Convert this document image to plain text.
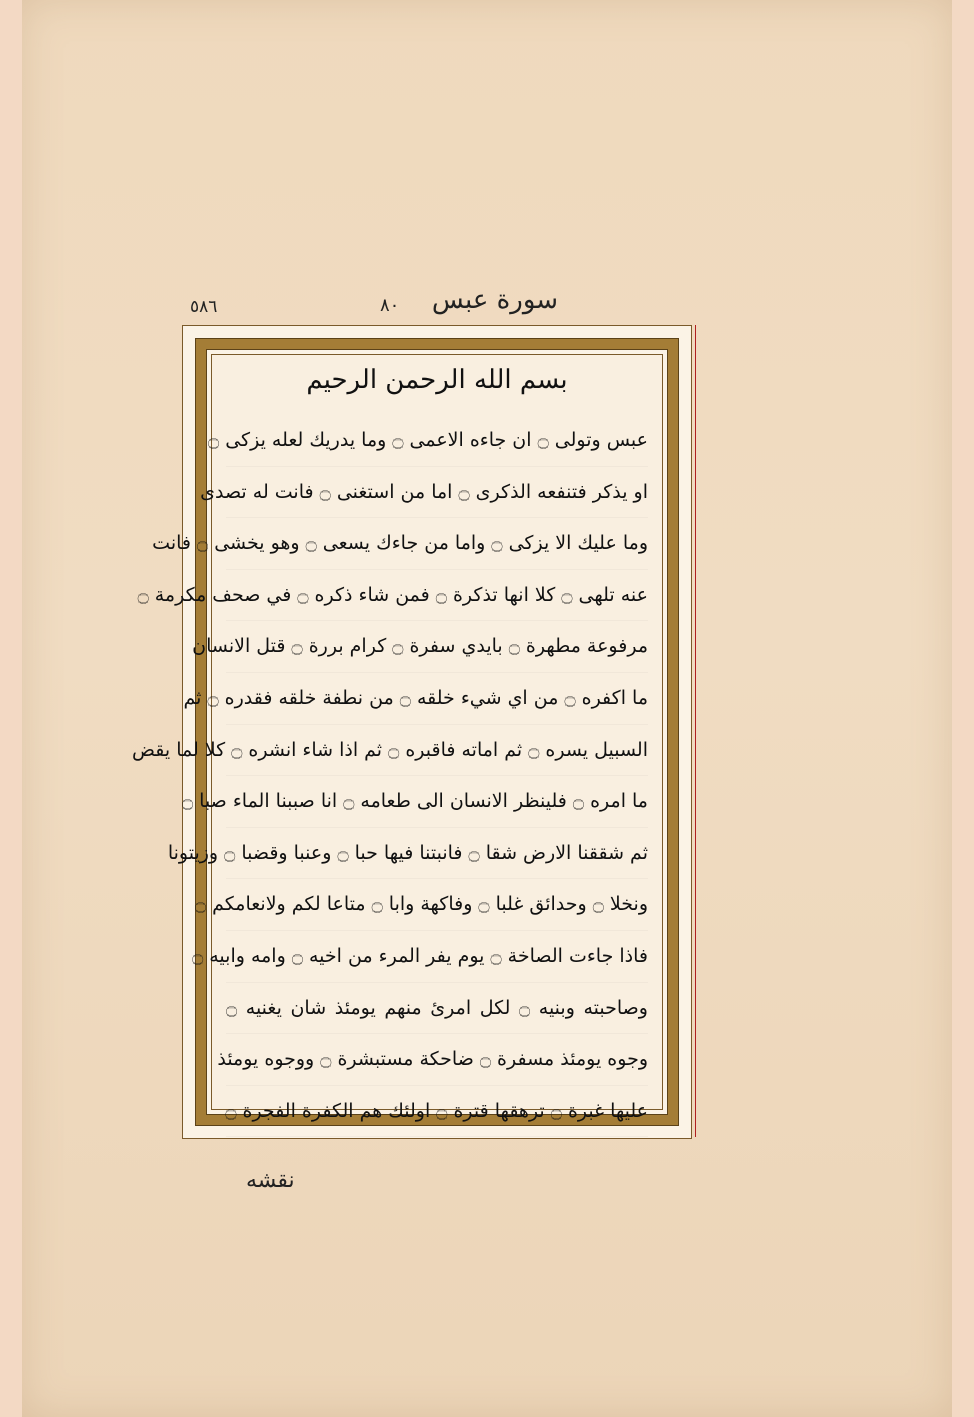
٥٨٦	٨٠	سورة عبس
بسم الله الرحمن الرحيم
عبس وتولى ۝ ان جاءه الاعمى ۝ وما يدريك لعله يزكى ۝
او يذكر فتنفعه الذكرى ۝ اما من استغنى ۝ فانت له تصدى
وما عليك الا يزكى ۝ واما من جاءك يسعى ۝ وهو يخشى ۝ فانت
عنه تلهى ۝ كلا انها تذكرة ۝ فمن شاء ذكره ۝ في صحف مكرمة ۝
مرفوعة مطهرة ۝ بايدي سفرة ۝ كرام بررة ۝ قتل الانسان
ما اكفره ۝ من اي شيء خلقه ۝ من نطفة خلقه فقدره ۝ ثم
السبيل يسره ۝ ثم اماته فاقبره ۝ ثم اذا شاء انشره ۝ كلا لما يقض
ما امره ۝ فلينظر الانسان الى طعامه ۝ انا صببنا الماء صبا ۝
ثم شققنا الارض شقا ۝ فانبتنا فيها حبا ۝ وعنبا وقضبا ۝ وزيتونا
ونخلا ۝ وحدائق غلبا ۝ وفاكهة وابا ۝ متاعا لكم ولانعامكم ۝
فاذا جاءت الصاخة ۝ يوم يفر المرء من اخيه ۝ وامه وابيه ۝
وصاحبته وبنيه ۝ لكل امرئ منهم يومئذ شان يغنيه ۝
وجوه يومئذ مسفرة ۝ ضاحكة مستبشرة ۝ ووجوه يومئذ
عليها غبرة ۝ ترهقها قترة ۝ اولئك هم الكفرة الفجرة ۝
نقشه
